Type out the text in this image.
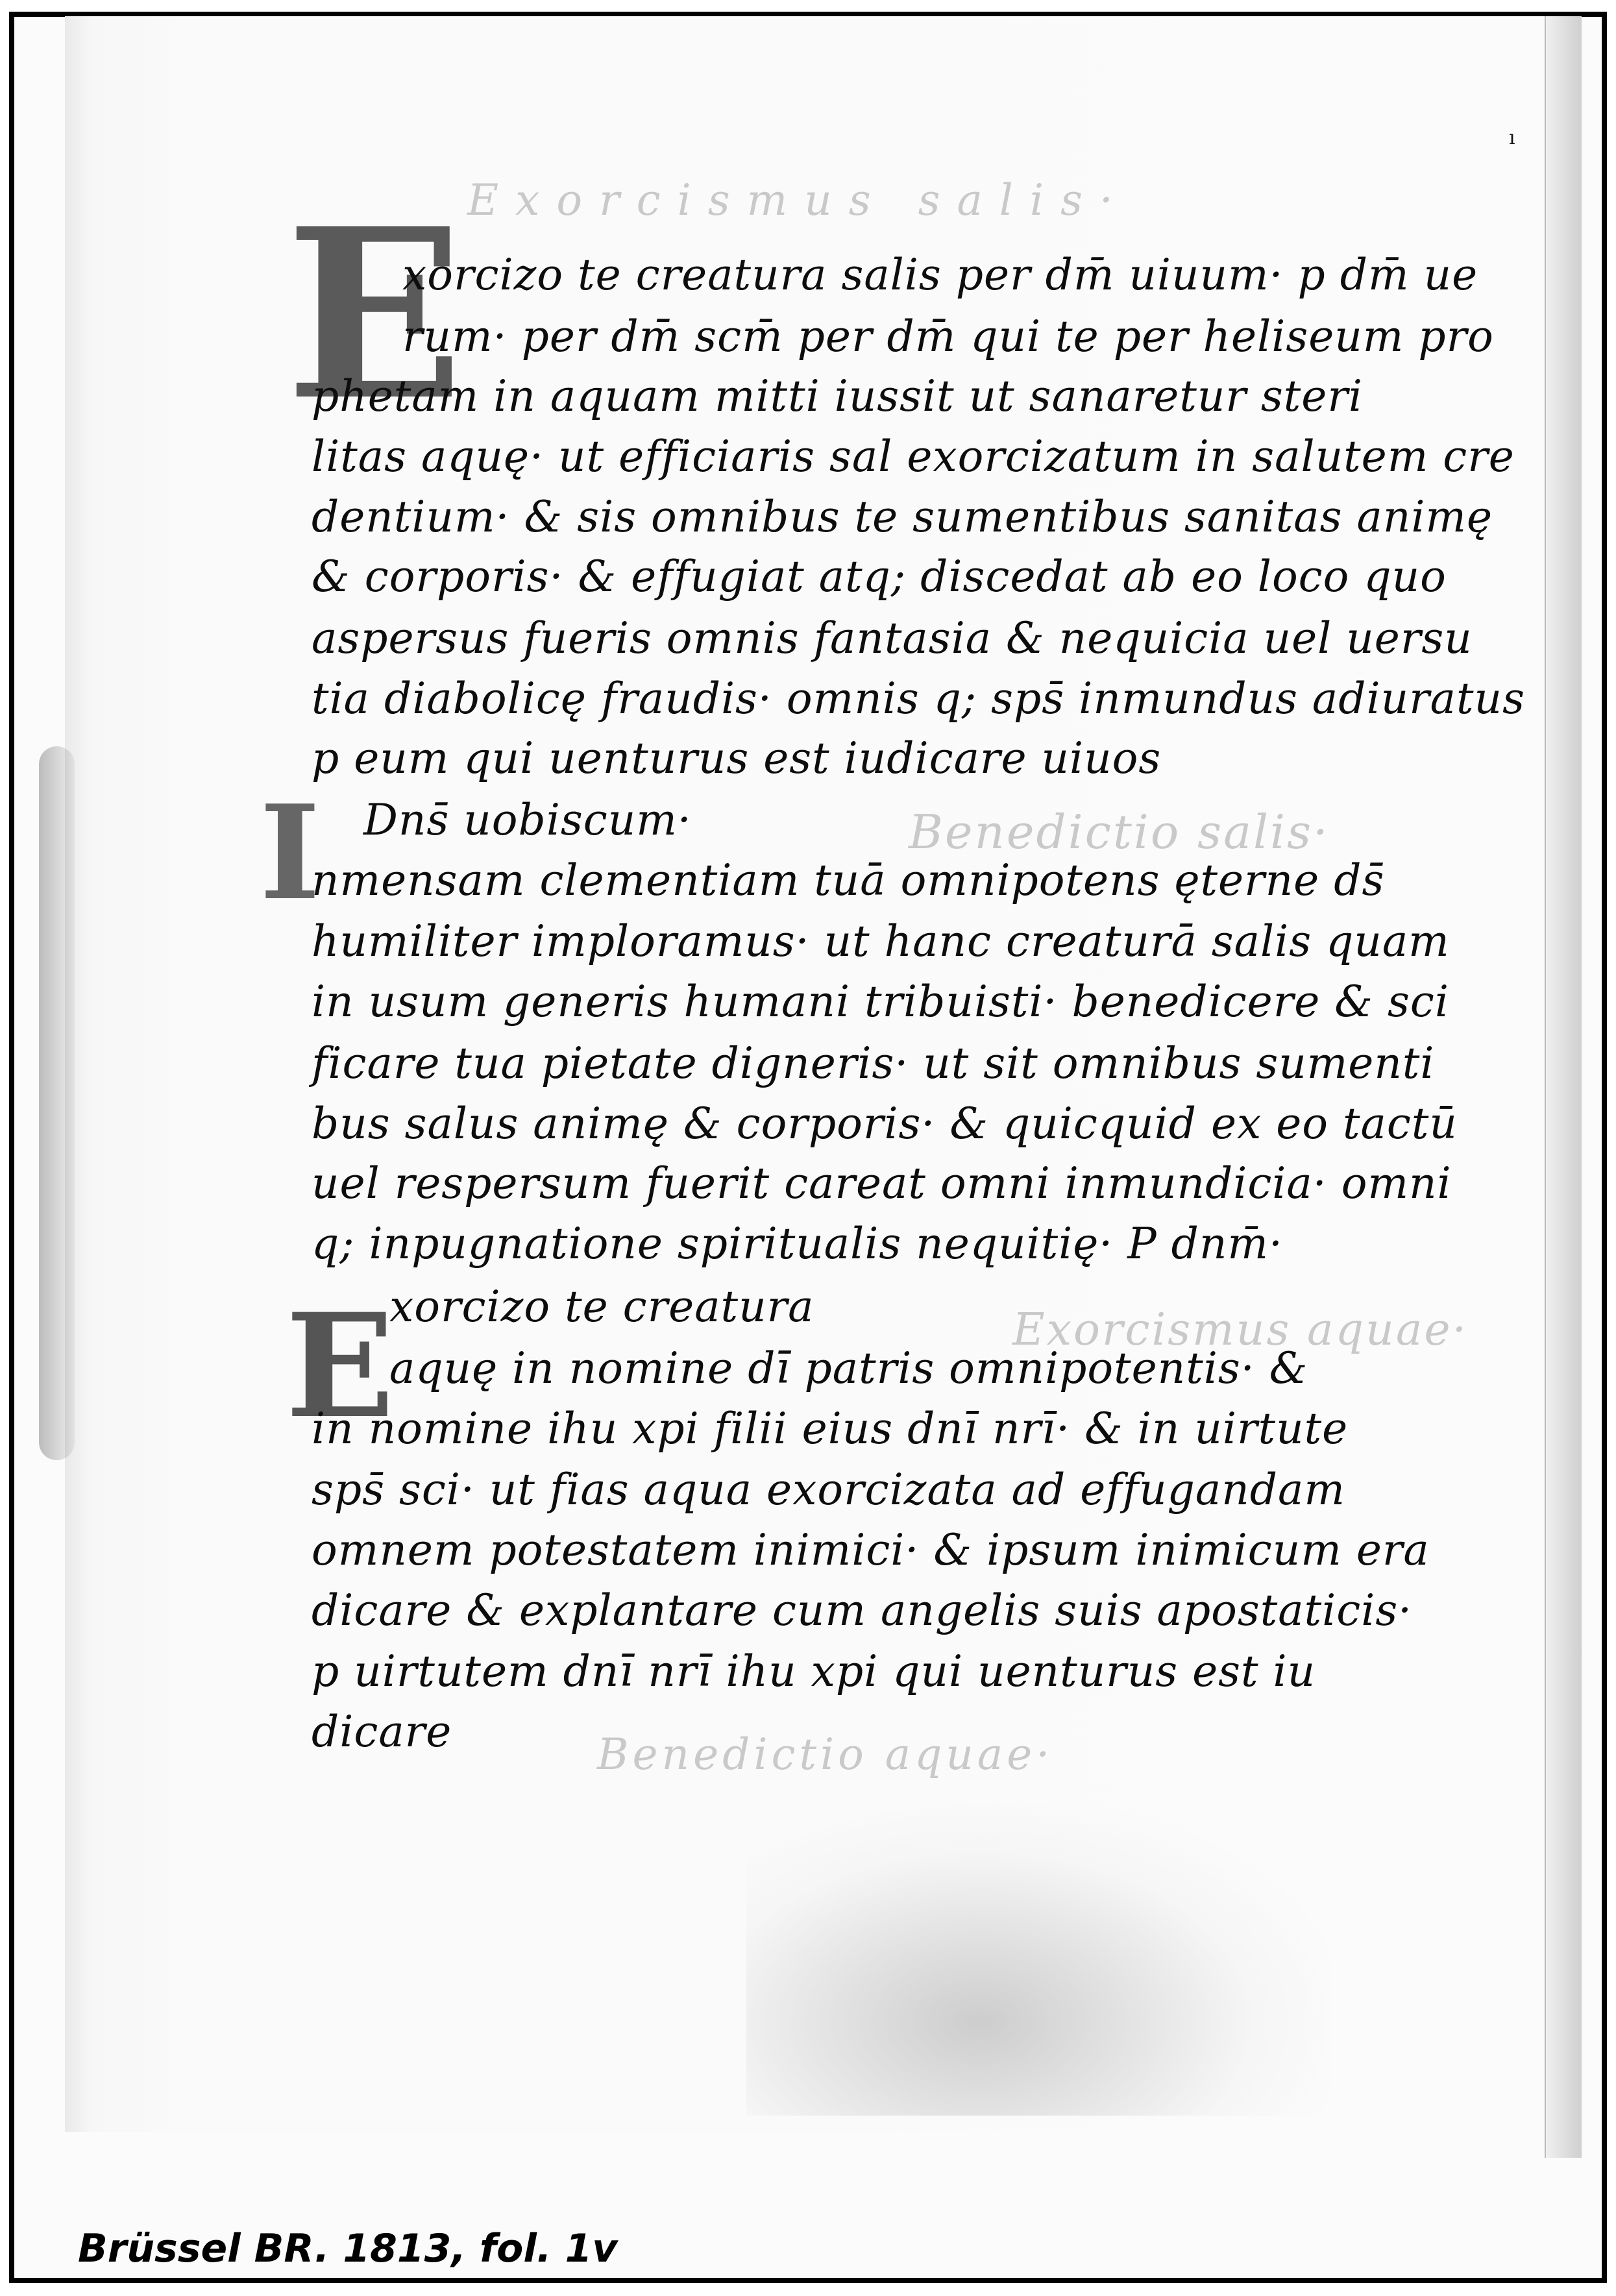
ı
Exorcismus salis·
Benedictio salis·
Exorcismus aquae·
Benedictio aquae·
E
I
E
xorcizo te creatura salis per dm̄ uiuum· p dm̄ ue
rum· per dm̄ scm̄ per dm̄ qui te per heliseum pro
phetam in aquam mitti iussit ut sanaretur steri
litas aquę· ut efficiaris sal exorcizatum in salutem cre
dentium· & sis omnibus te sumentibus sanitas animę
& corporis· & effugiat atq; discedat ab eo loco quo
aspersus fueris omnis fantasia & nequicia uel uersu
tia diabolicę fraudis· omnis q; sps̄ inmundus adiuratus
p eum qui uenturus est iudicare uiuos
Dns̄ uobiscum·
nmensam clementiam tuā omnipotens ęterne ds̄
humiliter imploramus· ut hanc creaturā salis quam
in usum generis humani tribuisti· benedicere & sci
ficare tua pietate digneris· ut sit omnibus sumenti
bus salus animę & corporis· & quicquid ex eo tactū
uel respersum fuerit careat omni inmundicia· omni
q; inpugnatione spiritualis nequitię· P dnm̄·
xorcizo te creatura
aquę in nomine dī patris omnipotentis· &
in nomine ihu xpi filii eius dnī nrī· & in uirtute
sps̄ sci· ut fias aqua exorcizata ad effugandam
omnem potestatem inimici· & ipsum inimicum era
dicare & explantare cum angelis suis apostaticis·
p uirtutem dnī nrī ihu xpi qui uenturus est iu
dicare
Brüssel BR. 1813, fol. 1v
